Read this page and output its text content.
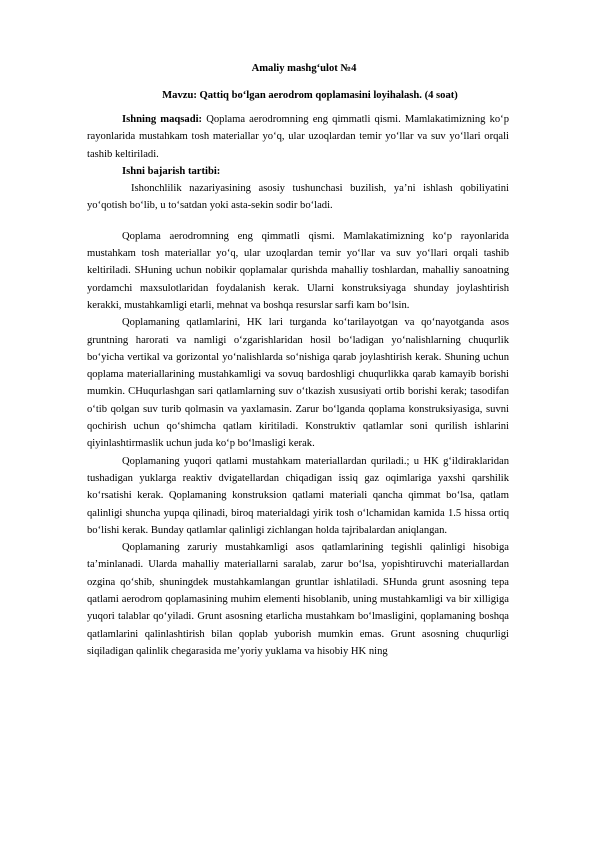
Amaliy mashg‘ulot №4
Mavzu: Qattiq bo‘lgan aerodrom qoplamasini loyihalash. (4 soat)

Ishning maqsadi: Qoplama aerodromning eng qimmatli qismi. Mamlakatimizning ko‘p rayonlarida mustahkam tosh materiallar yo‘q, ular uzoqlardan temir yo‘llar va suv yo‘llari orqali tashib keltiriladi.

Ishni bajarish tartibi:

Ishonchlilik nazariyasining asosiy tushunchasi buzilish, ya’ni ishlash qobiliyatini yo‘qotish bo‘lib, u to‘satdan yoki asta-sekin sodir bo‘ladi.

Qoplama aerodromning eng qimmatli qismi. Mamlakatimizning ko‘p rayonlarida mustahkam tosh materiallar yo‘q, ular uzoqlardan temir yo‘llar va suv yo‘llari orqali tashib keltiriladi. SHuning uchun nobikir qoplamalar qurishda mahalliy toshlardan, mahalliy sanoatning yordamchi maxsulotlaridan foydalanish kerak. Ularni konstruksiyaga shunday joylashtirish kerakki, mustahkamligi etarli, mehnat va boshqa resurslar sarfi kam bo‘lsin.

Qoplamaning qatlamlarini, HK lari turganda ko‘tarilayotgan va qo‘nayotganda asos gruntning harorati va namligi o‘zgarishlaridan hosil bo‘ladigan yo‘nalishlarning chuqurlik bo‘yicha vertikal va gorizontal yo‘nalishlarda so‘nishiga qarab joylashtirish kerak. Shuning uchun qoplama materiallarining mustahkamligi va sovuq bardoshligi chuqurlikka qarab kamayib borishi mumkin. CHuqurlashgan sari qatlamlarning suv o‘tkazish xususiyati ortib borishi kerak; tasodifan o‘tib qolgan suv turib qolmasin va yaxlamasin. Zarur bo‘lganda qoplama konstruksiyasiga, suvni qochirish uchun qo‘shimcha qatlam kiritiladi. Konstruktiv qatlamlar soni qurilish ishlarini qiyinlashtirmaslik uchun juda ko‘p bo‘lmasligi kerak.

Qoplamaning yuqori qatlami mustahkam materiallardan quriladi.; u HK g‘ildiraklaridan tushadigan yuklarga reaktiv dvigatellardan chiqadigan issiq gaz oqimlariga yaxshi qarshilik ko‘rsatishi kerak. Qoplamaning konstruksion qatlami materiali qancha qimmat bo‘lsa, qatlam qalinligi shuncha yupqa qilinadi, biroq materialdagi yirik tosh o‘lchamidan kamida 1.5 hissa ortiq bo‘lishi kerak. Bunday qatlamlar qalinligi zichlangan holda tajribalardan aniqlangan.

Qoplamaning zaruriy mustahkamligi asos qatlamlarining tegishli qalinligi hisobiga ta’minlanadi. Ularda mahalliy materiallarni saralab, zarur bo‘lsa, yopishtiruvchi materiallardan ozgina qo‘shib, shuningdek mustahkamlangan gruntlar ishlatiladi. SHunda grunt asosning tepa qatlami aerodrom qoplamasining muhim elementi hisoblanib, uning mustahkamligi va bir xilligiga yuqori talablar qo‘yiladi. Grunt asosning etarlicha mustahkam bo‘lmasligini, qoplamaning boshqa qatlamlarini qalinlashtirish bilan qoplab yuborish mumkin emas. Grunt asosning chuqurligi siqiladigan qalinlik chegarasida me’yoriy yuklama va hisobiy HK ning
